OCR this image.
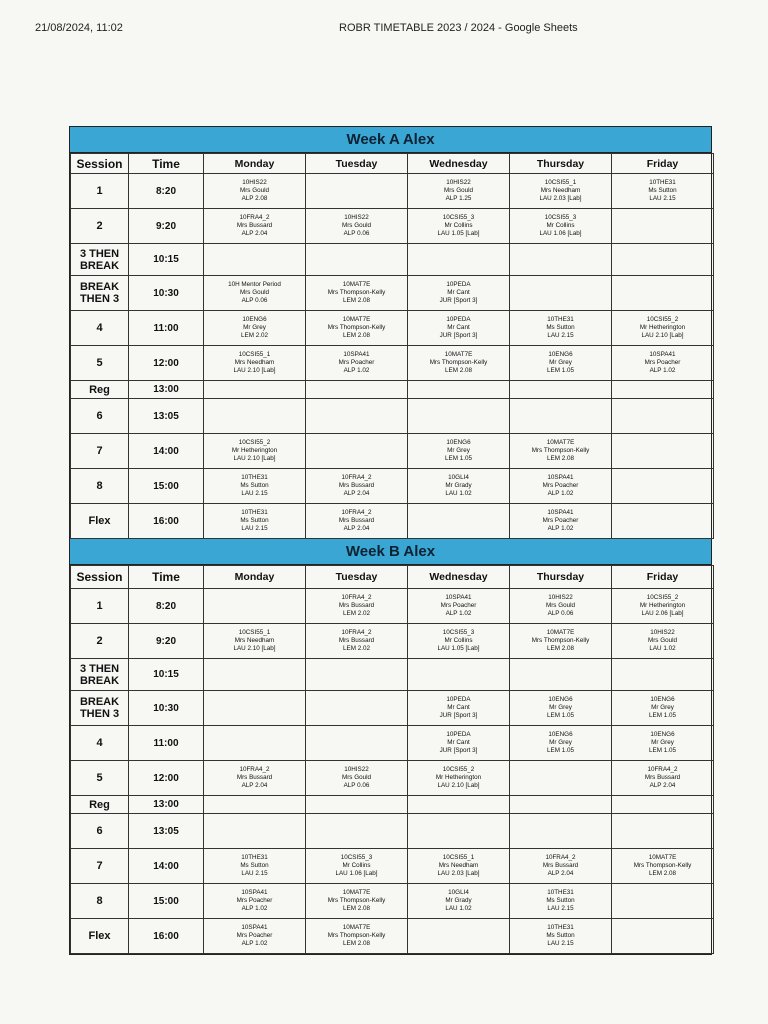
21/08/2024, 11:02	ROBR TIMETABLE 2023 / 2024 - Google Sheets
Week A Alex
Session	Time	Monday	Tuesday	Wednesday	Thursday	Friday
1	8:20	10HIS22
Mrs Gould
ALP 2.08		10HIS22
Mrs Gould
ALP 1.25	10CSI55_1
Mrs Needham
LAU 2.03 [Lab]	10THE31
Ms Sutton
LAU 2.15

2	9:20	10FRA4_2
Mrs Bussard
ALP 2.04	10HIS22
Mrs Gould
ALP 0.06	10CSI55_3
Mr Collins
LAU 1.05 [Lab]	10CSI55_3
Mr Collins
LAU 1.06 [Lab]	

3 THEN BREAK	10:15					
BREAK THEN 3	10:30	10H Mentor Period
Mrs Gould
ALP 0.06	10MAT7E
Mrs Thompson-Kelly
LEM 2.08	10PEDA
Mr Cant
JUR [Sport 3]		

4	11:00	10ENG6
Mr Grey
LEM 2.02	10MAT7E
Mrs Thompson-Kelly
LEM 2.08	10PEDA
Mr Cant
JUR [Sport 3]	10THE31
Ms Sutton
LAU 2.15	10CSI55_2
Mr Hetherington
LAU 2.10 [Lab]

5	12:00	10CSI55_1
Mrs Needham
LAU 2.10 [Lab]	10SPA41
Mrs Poacher
ALP 1.02	10MAT7E
Mrs Thompson-Kelly
LEM 2.08	10ENG6
Mr Grey
LEM 1.05	10SPA41
Mrs Poacher
ALP 1.02

Reg	13:00					
6	13:05					
7	14:00	10CSI55_2
Mr Hetherington
LAU 2.10 [Lab]		10ENG6
Mr Grey
LEM 1.05	10MAT7E
Mrs Thompson-Kelly
LEM 2.08	

8	15:00	10THE31
Ms Sutton
LAU 2.15	10FRA4_2
Mrs Bussard
ALP 2.04	10GLI4
Mr Grady
LAU 1.02	10SPA41
Mrs Poacher
ALP 1.02	

Flex	16:00	10THE31
Ms Sutton
LAU 2.15	10FRA4_2
Mrs Bussard
ALP 2.04		10SPA41
Mrs Poacher
ALP 1.02	

Week B Alex
Session	Time	Monday	Tuesday	Wednesday	Thursday	Friday
1	8:20		10FRA4_2
Mrs Bussard
LEM 2.02	10SPA41
Mrs Poacher
ALP 1.02	10HIS22
Mrs Gould
ALP 0.06	10CSI55_2
Mr Hetherington
LAU 2.06 [Lab]

2	9:20	10CSI55_1
Mrs Needham
LAU 2.10 [Lab]	10FRA4_2
Mrs Bussard
LEM 2.02	10CSI55_3
Mr Collins
LAU 1.05 [Lab]	10MAT7E
Mrs Thompson-Kelly
LEM 2.08	10HIS22
Mrs Gould
LAU 1.02

3 THEN BREAK	10:15					
BREAK THEN 3	10:30			10PEDA
Mr Cant
JUR [Sport 3]	10ENG6
Mr Grey
LEM 1.05	10ENG6
Mr Grey
LEM 1.05

4	11:00			10PEDA
Mr Cant
JUR [Sport 3]	10ENG6
Mr Grey
LEM 1.05	10ENG6
Mr Grey
LEM 1.05

5	12:00	10FRA4_2
Mrs Bussard
ALP 2.04	10HIS22
Mrs Gould
ALP 0.06	10CSI55_2
Mr Hetherington
LAU 2.10 [Lab]		10FRA4_2
Mrs Bussard
ALP 2.04

Reg	13:00					
6	13:05					
7	14:00	10THE31
Ms Sutton
LAU 2.15	10CSI55_3
Mr Collins
LAU 1.06 [Lab]	10CSI55_1
Mrs Needham
LAU 2.03 [Lab]	10FRA4_2
Mrs Bussard
ALP 2.04	10MAT7E
Mrs Thompson-Kelly
LEM 2.08

8	15:00	10SPA41
Mrs Poacher
ALP 1.02	10MAT7E
Mrs Thompson-Kelly
LEM 2.08	10GLI4
Mr Grady
LAU 1.02	10THE31
Ms Sutton
LAU 2.15	

Flex	16:00	10SPA41
Mrs Poacher
ALP 1.02	10MAT7E
Mrs Thompson-Kelly
LEM 2.08		10THE31
Ms Sutton
LAU 2.15	
